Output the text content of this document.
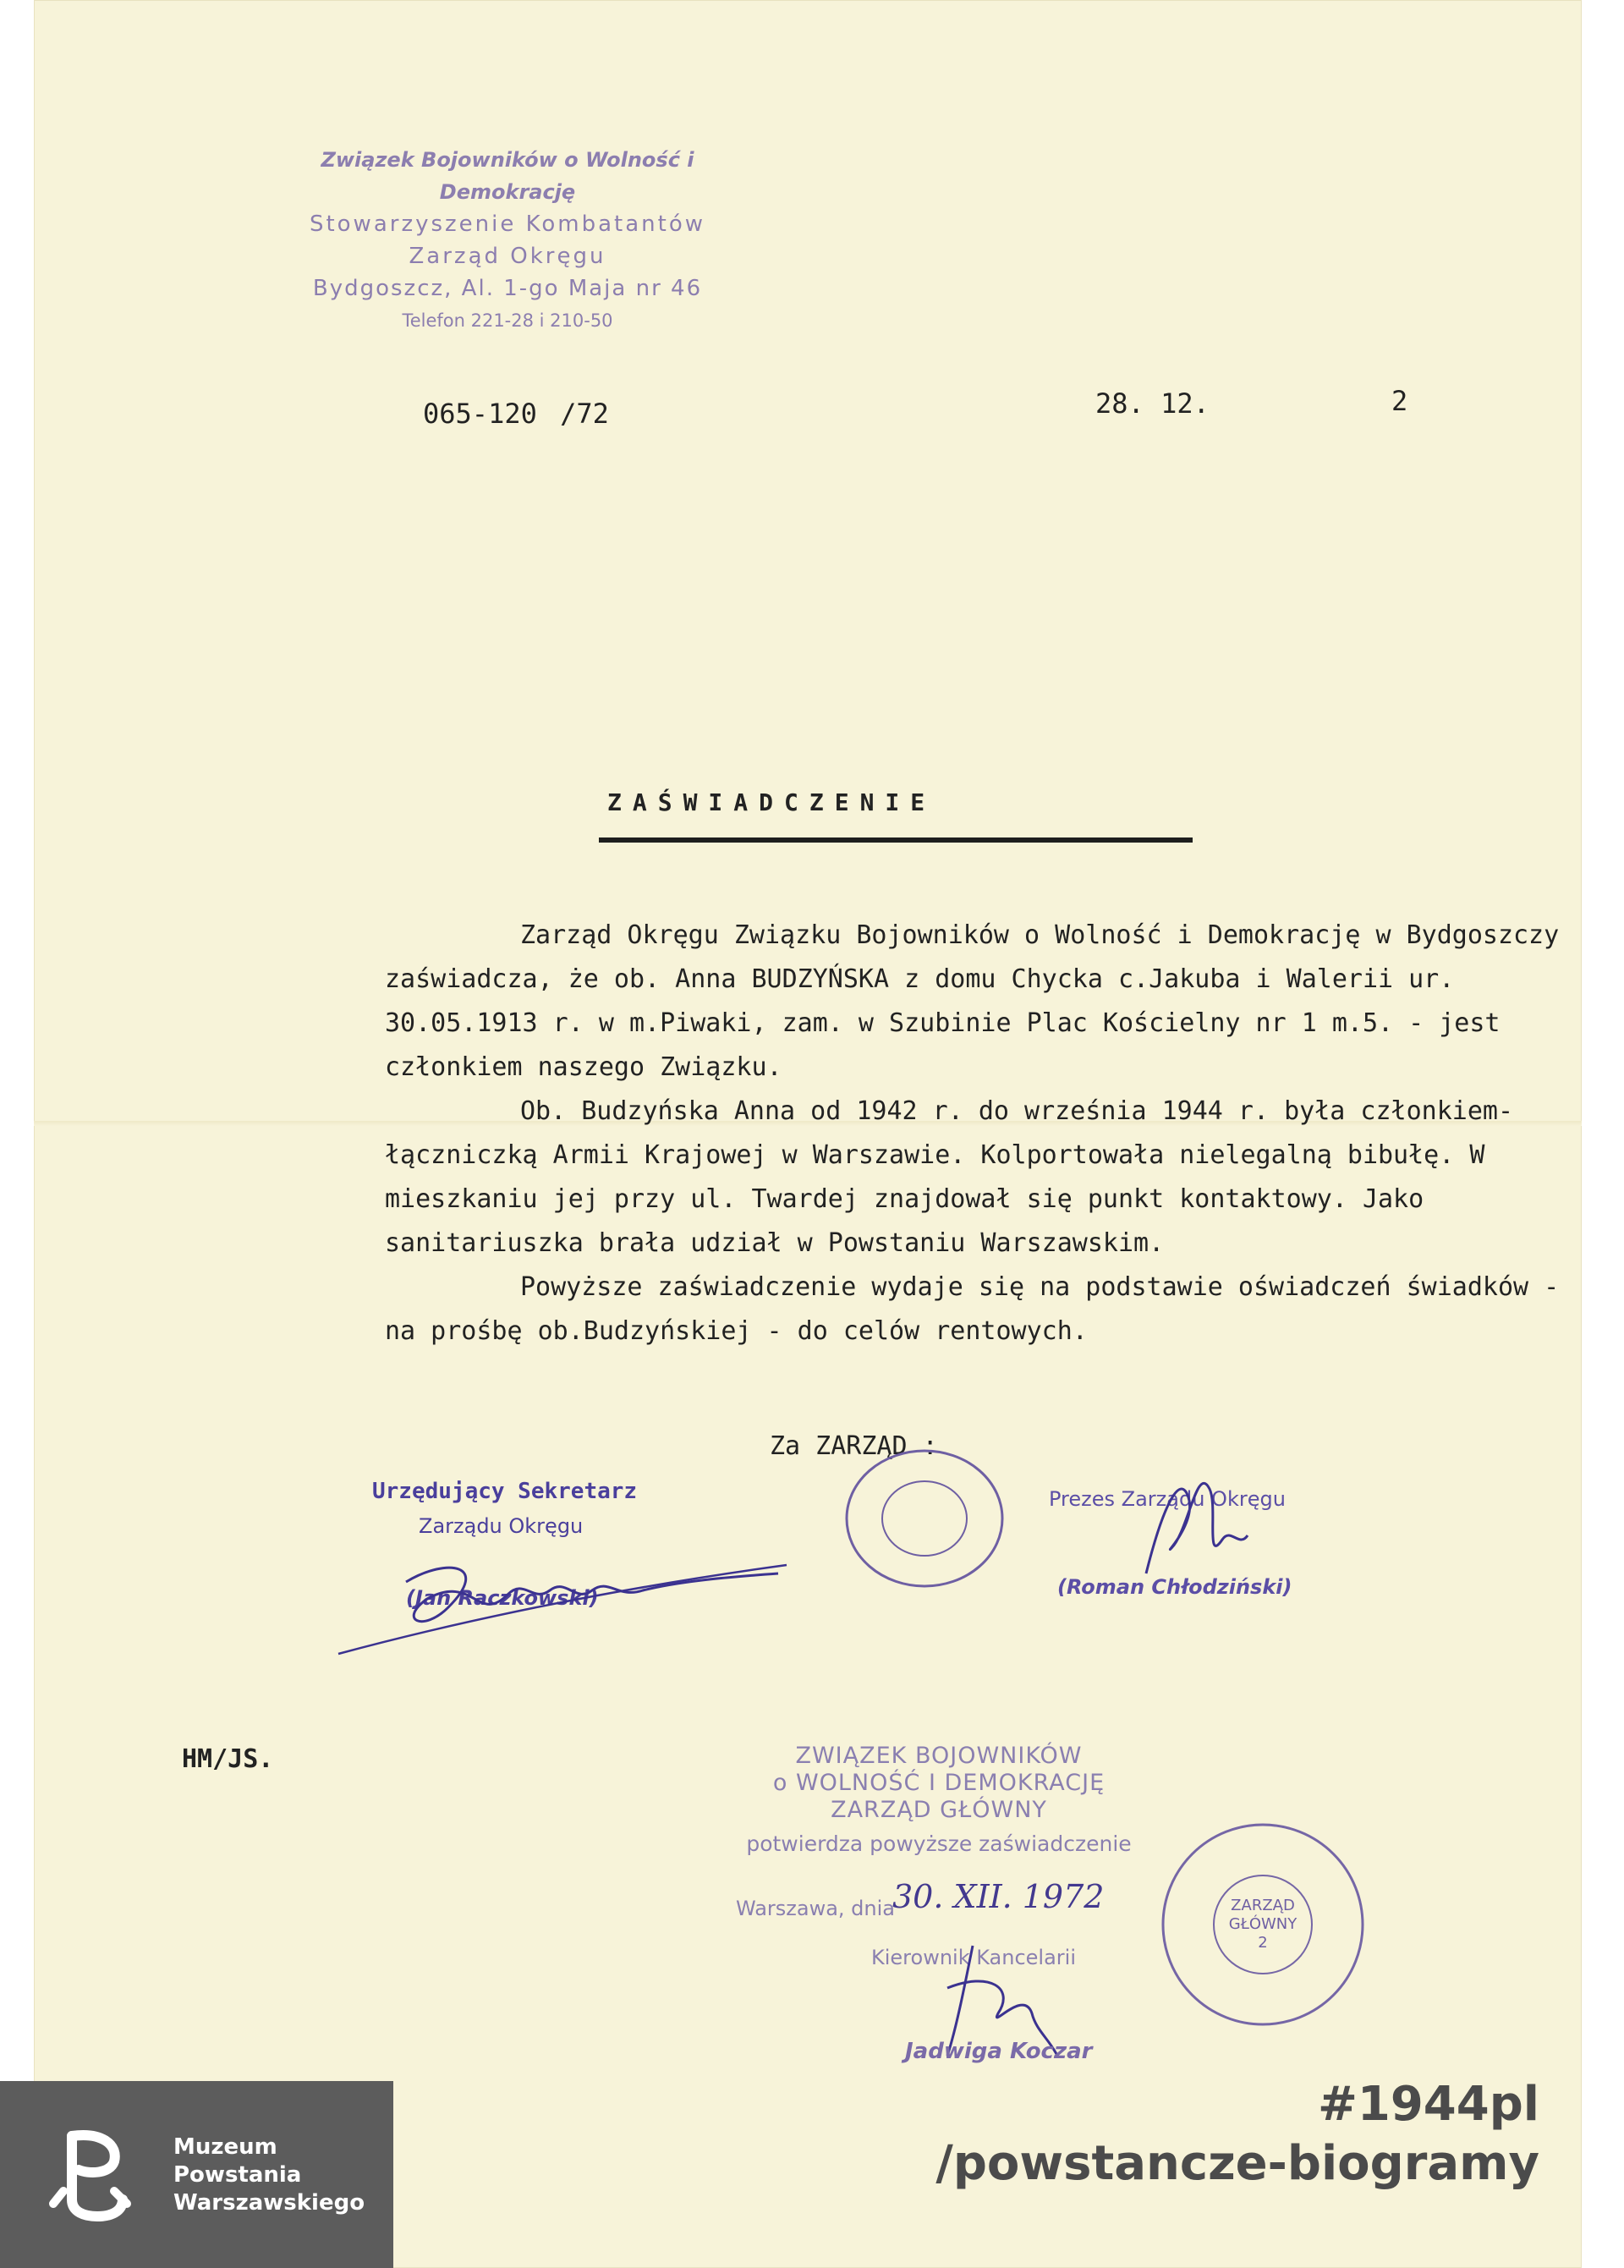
Związek Bojowników o Wolność i Demokrację
Stowarzyszenie Kombatantów
Zarząd Okręgu
Bydgoszcz, Al. 1-go Maja nr 46
Telefon 221-28 i 210-50
065-120 /72	28. 12.	2
ZAŚWIADCZENIE

Zarząd Okręgu Związku Bojowników o Wolność i Demokrację w Bydgoszczy zaświadcza, że ob. Anna BUDZYŃSKA z domu Chycka c.Jakuba i Walerii ur. 30.05.1913 r. w m.Piwaki, zam. w Szubinie Plac Kościelny nr 1 m.5. - jest członkiem naszego Związku.

Ob. Budzyńska Anna od 1942 r. do września 1944 r. była członkiem-łączniczką Armii Krajowej w Warszawie. Kolportowała nielegalną bibułę. W mieszkaniu jej przy ul. Twardej znajdował się punkt kontaktowy. Jako sanitariuszka brała udział w Powstaniu Warszawskim.

Powyższe zaświadczenie wydaje się na podstawie oświadczeń świadków - na prośbę ob.Budzyńskiej - do celów rentowych.

Za ZARZĄD :
Urzędujący Sekretarz
Zarządu Okręgu
(Jan Raczkowski)
Prezes Zarządu Okręgu
(Roman Chłodziński)
HM/JS.	ZWIĄZEK BOJOWNIKÓW
o WOLNOŚĆ I DEMOKRACJĘ
ZARZĄD GŁÓWNY
potwierdza powyższe zaświadczenie
Warszawa, dnia
30. XII. 1972
Kierownik Kancelarii
Jadwiga Koczar
ZARZĄD
GŁÓWNY
2
Muzeum
Powstania
Warszawskiego
#1944pl
/powstancze-biogramy
